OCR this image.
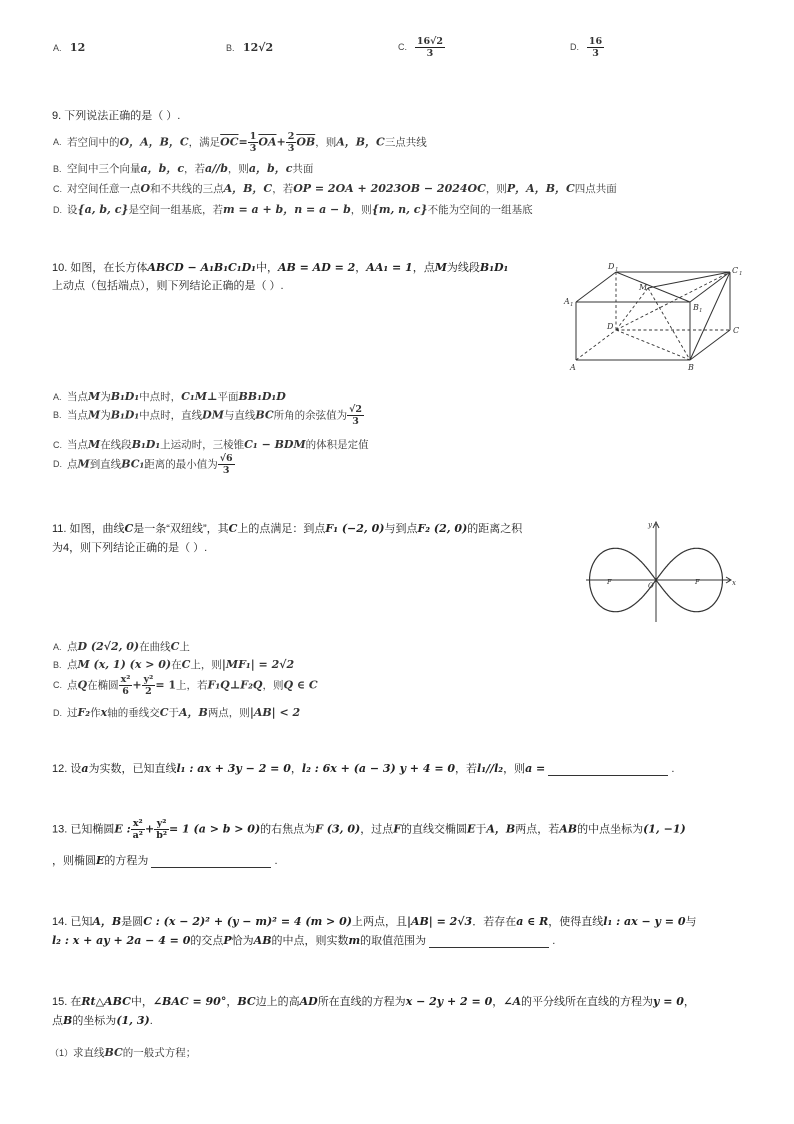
A. 12	B. 12√2	C. $\frac{16√2}{3}$	D. $\frac{16}{3}$
9. 下列说法正确的是（ ）.
A. 若空间中的O，A，B，C，满足$\overline{OC}= \frac{1}{3} \overline{OA}+ \frac{2}{3} \overline{OB}$，则A，B，C三点共线
B. 空间中三个向量a，b，c，若a//b，则a，b，c共面
C. 对空间任意一点O和不共线的三点A，B，C，若OP = 2OA + 2023OB − 2024OC，则P，A，B，C四点共面
D. 设{a, b, c}是空间一组基底，若m = a + b，n = a − b，则{m, n, c}不能为空间的一组基底
10. 如图，在长方体ABCD − A₁B₁C₁D₁中，AB = AD = 2，AA₁ = 1，点M为线段B₁D₁
上动点（包括端点），则下列结论正确的是（ ）.
D 1	C 1
A 1	B 1
M
D	C
A	B
A. 当点M为B₁D₁中点时，C₁M⊥平面BB₁D₁D
B. 当点M为B₁D₁中点时，直线DM与直线BC所角的余弦值为 $\frac{√2}{3}$
C. 当点M在线段B₁D₁上运动时，三棱锥C₁ − BDM的体积是定值
D. 点M到直线BC₁距离的最小值为 $\frac{√6}{3}$
11. 如图，曲线C是一条“双纽线”，其C上的点满足：到点F₁ (−2, 0)与到点F₂ (2, 0)的距离之积
为4，则下列结论正确的是（ ）.
x
y
O
F	F
A. 点D (2√2, 0)在曲线C上
B. 点M (x, 1) (x > 0)在C上，则|MF₁| = 2√2
C. 点Q在椭圆 $\frac{\text{x²}}{6} + \frac{\text{y²}}{2} = 1$上，若F₁Q⊥F₂Q，则Q ∈ C
D. 过F₂作x轴的垂线交C于A，B两点，则|AB| < 2
12. 设a为实数，已知直线l₁ : ax + 3y − 2 = 0，l₂ : 6x + (a − 3) y + 4 = 0，若l₁//l₂，则a =	.
13. 已知椭圆E : $\frac{\text{x²}}{\text{a²}} + \frac{\text{y²}}{\text{b²}} = 1$ (a > b > 0)的右焦点为F (3, 0)，过点F的直线交椭圆E于A，B两点，若AB的中点坐标为(1, −1)
，则椭圆E的方程为	.
14. 已知A，B是圆C : (x − 2)² + (y − m)² = 4 (m > 0)上两点，且|AB| = 2√3．若存在a ∈ R，使得直线l₁ : ax − y = 0与
l₂ : x + ay + 2a − 4 = 0的交点P恰为AB的中点，则实数m的取值范围为	.
15. 在Rt△ABC中，∠BAC = 90°，BC边上的高AD所在直线的方程为x − 2y + 2 = 0，∠A的平分线所在直线的方程为y = 0，
点B的坐标为(1, 3).
（1）求直线BC的一般式方程；
